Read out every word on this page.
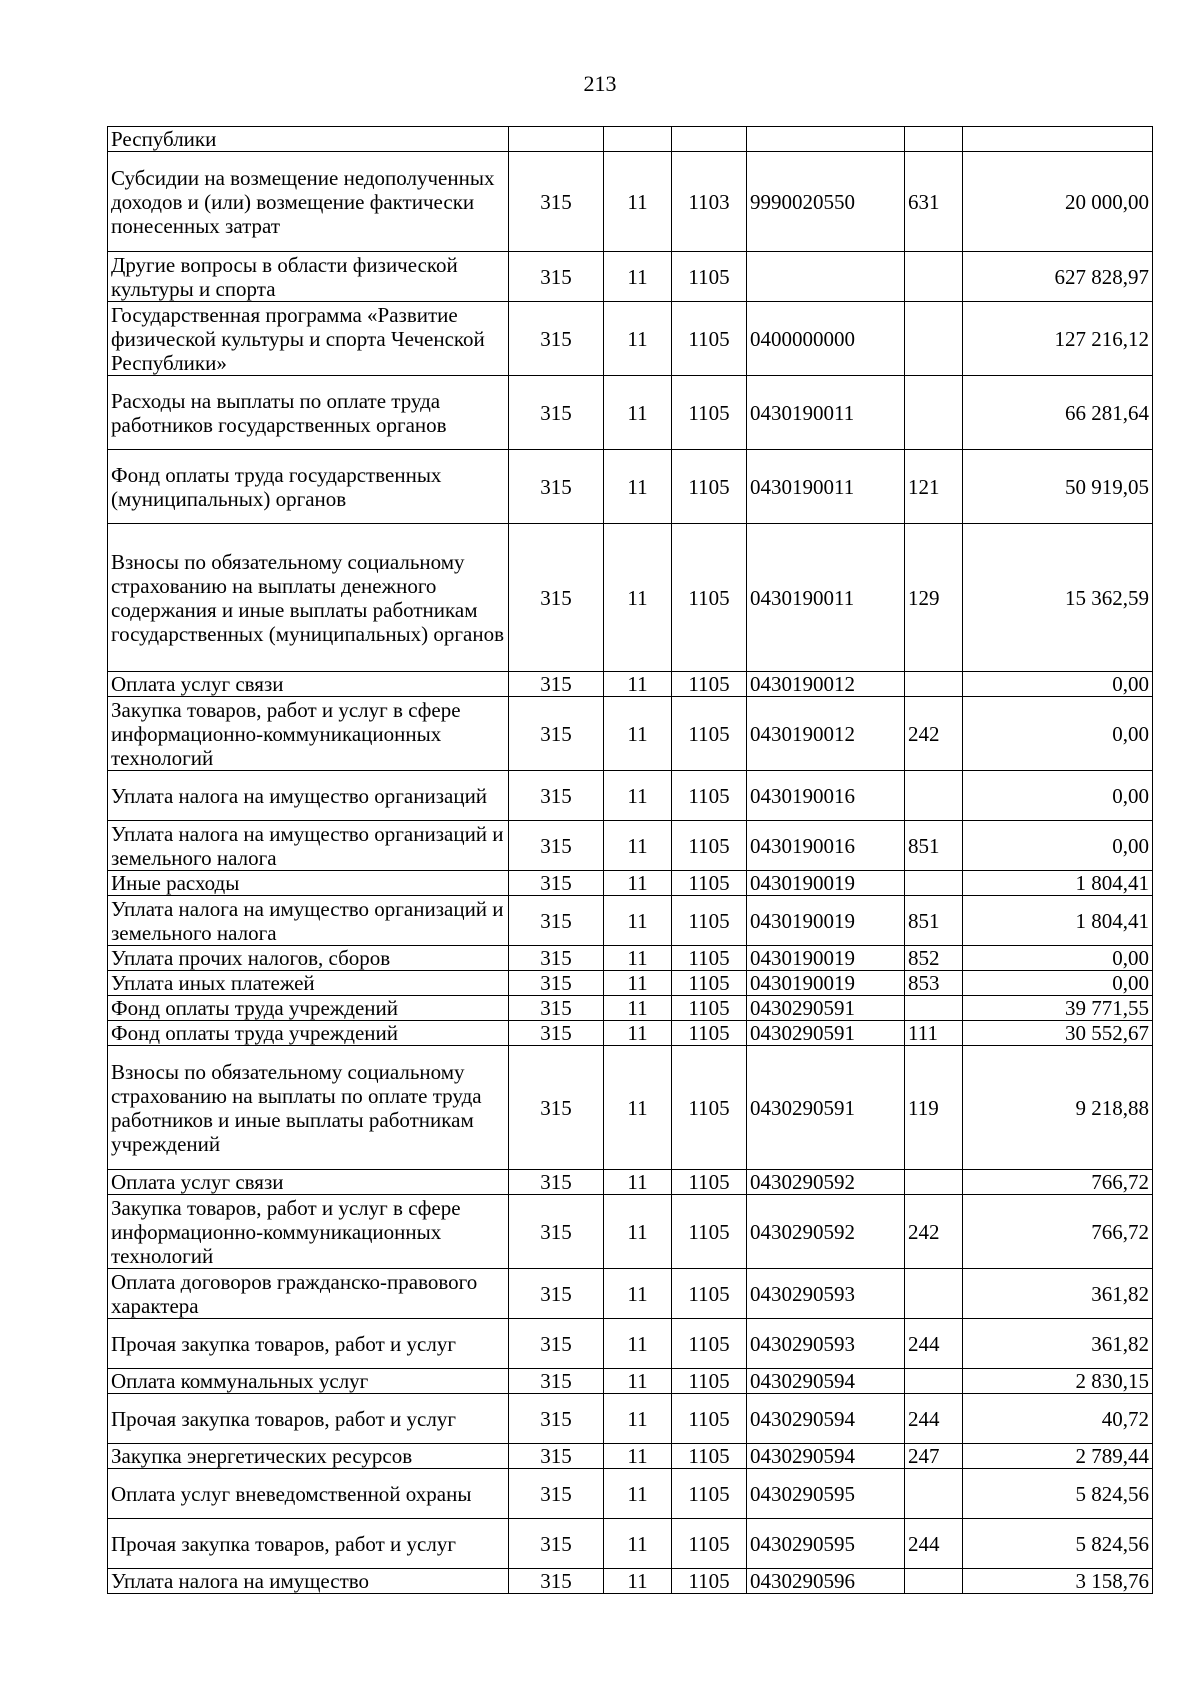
213
Республики						
Субсидии на возмещение недополученных доходов и (или) возмещение фактически понесенных затрат	315	11	1103	9990020550	631	20 000,00
Другие вопросы в области физической культуры и спорта	315	11	1105			627 828,97
Государственная программа «Развитие физической культуры и спорта Чеченской Республики»	315	11	1105	0400000000		127 216,12
Расходы на выплаты по оплате труда работников государственных органов	315	11	1105	0430190011		66 281,64
Фонд оплаты труда государственных (муниципальных) органов	315	11	1105	0430190011	121	50 919,05
Взносы по обязательному социальному страхованию на выплаты денежного содержания и иные выплаты работникам государственных (муниципальных) органов	315	11	1105	0430190011	129	15 362,59
Оплата услуг связи	315	11	1105	0430190012		0,00
Закупка товаров, работ и услуг в сфере информационно-коммуникационных технологий	315	11	1105	0430190012	242	0,00
Уплата налога на имущество организаций	315	11	1105	0430190016		0,00
Уплата налога на имущество организаций и земельного налога	315	11	1105	0430190016	851	0,00
Иные расходы	315	11	1105	0430190019		1 804,41
Уплата налога на имущество организаций и земельного налога	315	11	1105	0430190019	851	1 804,41
Уплата прочих налогов, сборов	315	11	1105	0430190019	852	0,00
Уплата иных платежей	315	11	1105	0430190019	853	0,00
Фонд оплаты труда учреждений	315	11	1105	0430290591		39 771,55
Фонд оплаты труда учреждений	315	11	1105	0430290591	111	30 552,67
Взносы по обязательному социальному страхованию на выплаты по оплате труда работников и иные выплаты работникам учреждений	315	11	1105	0430290591	119	9 218,88
Оплата услуг связи	315	11	1105	0430290592		766,72
Закупка товаров, работ и услуг в сфере информационно-коммуникационных технологий	315	11	1105	0430290592	242	766,72
Оплата договоров гражданско-правового характера	315	11	1105	0430290593		361,82
Прочая закупка товаров, работ и услуг	315	11	1105	0430290593	244	361,82
Оплата коммунальных услуг	315	11	1105	0430290594		2 830,15
Прочая закупка товаров, работ и услуг	315	11	1105	0430290594	244	40,72
Закупка энергетических ресурсов	315	11	1105	0430290594	247	2 789,44
Оплата услуг вневедомственной охраны	315	11	1105	0430290595		5 824,56
Прочая закупка товаров, работ и услуг	315	11	1105	0430290595	244	5 824,56
Уплата налога на имущество	315	11	1105	0430290596		3 158,76
